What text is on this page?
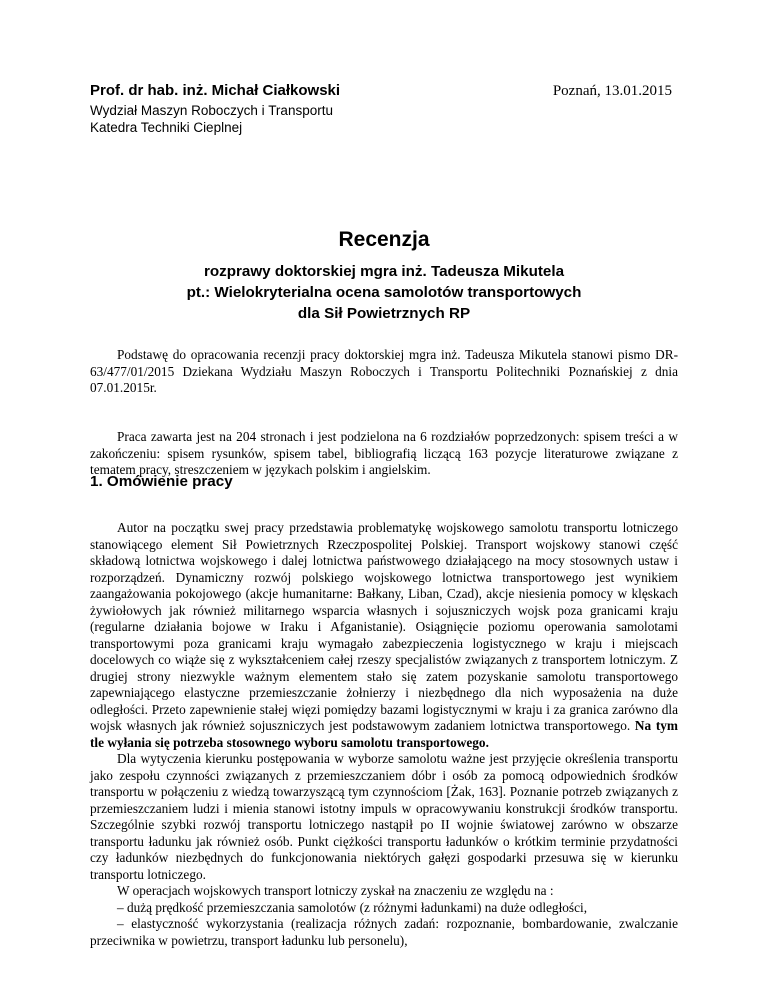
Prof. dr hab. inż. Michał Ciałkowski	Poznań, 13.01.2015
Wydział Maszyn Roboczych i Transportu
Katedra Techniki Cieplnej
Recenzja
rozprawy doktorskiej mgra inż. Tadeusza Mikutela
pt.: Wielokryterialna ocena samolotów transportowych
dla Sił Powietrznych RP

Podstawę do opracowania recenzji pracy doktorskiej mgra inż. Tadeusza Mikutela stanowi pismo DR-63/477/01/2015 Dziekana Wydziału Maszyn Roboczych i Transportu Politechniki Poznańskiej z dnia 07.01.2015r.

Praca zawarta jest na 204 stronach i jest podzielona na 6 rozdziałów poprzedzonych: spisem treści a w zakończeniu: spisem rysunków, spisem tabel, bibliografią liczącą 163 pozycje literaturowe związane z tematem pracy, streszczeniem w językach polskim i angielskim.

1. Omówienie pracy

Autor na początku swej pracy przedstawia problematykę wojskowego samolotu transportu lotniczego stanowiącego element Sił Powietrznych Rzeczpospolitej Polskiej. Transport wojskowy stanowi część składową lotnictwa wojskowego i dalej lotnictwa państwowego działającego na mocy stosownych ustaw i rozporządzeń. Dynamiczny rozwój polskiego wojskowego lotnictwa transportowego jest wynikiem zaangażowania pokojowego (akcje humanitarne: Bałkany, Liban, Czad), akcje niesienia pomocy w klęskach żywiołowych jak również militarnego wsparcia własnych i sojuszniczych wojsk poza granicami kraju (regularne działania bojowe w Iraku i Afganistanie). Osiągnięcie poziomu operowania samolotami transportowymi poza granicami kraju wymagało zabezpieczenia logistycznego w kraju i miejscach docelowych co wiąże się z wykształceniem całej rzeszy specjalistów związanych z transportem lotniczym. Z drugiej strony niezwykle ważnym elementem stało się zatem pozyskanie samolotu transportowego zapewniającego elastyczne przemieszczanie żołnierzy i niezbędnego dla nich wyposażenia na duże odległości. Przeto zapewnienie stałej więzi pomiędzy bazami logistycznymi w kraju i za granica zarówno dla wojsk własnych jak również sojuszniczych jest podstawowym zadaniem lotnictwa transportowego. Na tym tle wyłania się potrzeba stosownego wyboru samolotu transportowego.

Dla wytyczenia kierunku postępowania w wyborze samolotu ważne jest przyjęcie określenia transportu jako zespołu czynności związanych z przemieszczaniem dóbr i osób za pomocą odpowiednich środków transportu w połączeniu z wiedzą towarzyszącą tym czynnościom [Żak, 163]. Poznanie potrzeb związanych z przemieszczaniem ludzi i mienia stanowi istotny impuls w opracowywaniu konstrukcji środków transportu. Szczególnie szybki rozwój transportu lotniczego nastąpił po II wojnie światowej zarówno w obszarze transportu ładunku jak również osób. Punkt ciężkości transportu ładunków o krótkim terminie przydatności czy ładunków niezbędnych do funkcjonowania niektórych gałęzi gospodarki przesuwa się w kierunku transportu lotniczego.

W operacjach wojskowych transport lotniczy zyskał na znaczeniu ze względu na :

– dużą prędkość przemieszczania samolotów (z różnymi ładunkami) na duże odległości,

– elastyczność wykorzystania (realizacja różnych zadań: rozpoznanie, bombardowanie, zwalczanie przeciwnika w powietrzu, transport ładunku lub personelu),
